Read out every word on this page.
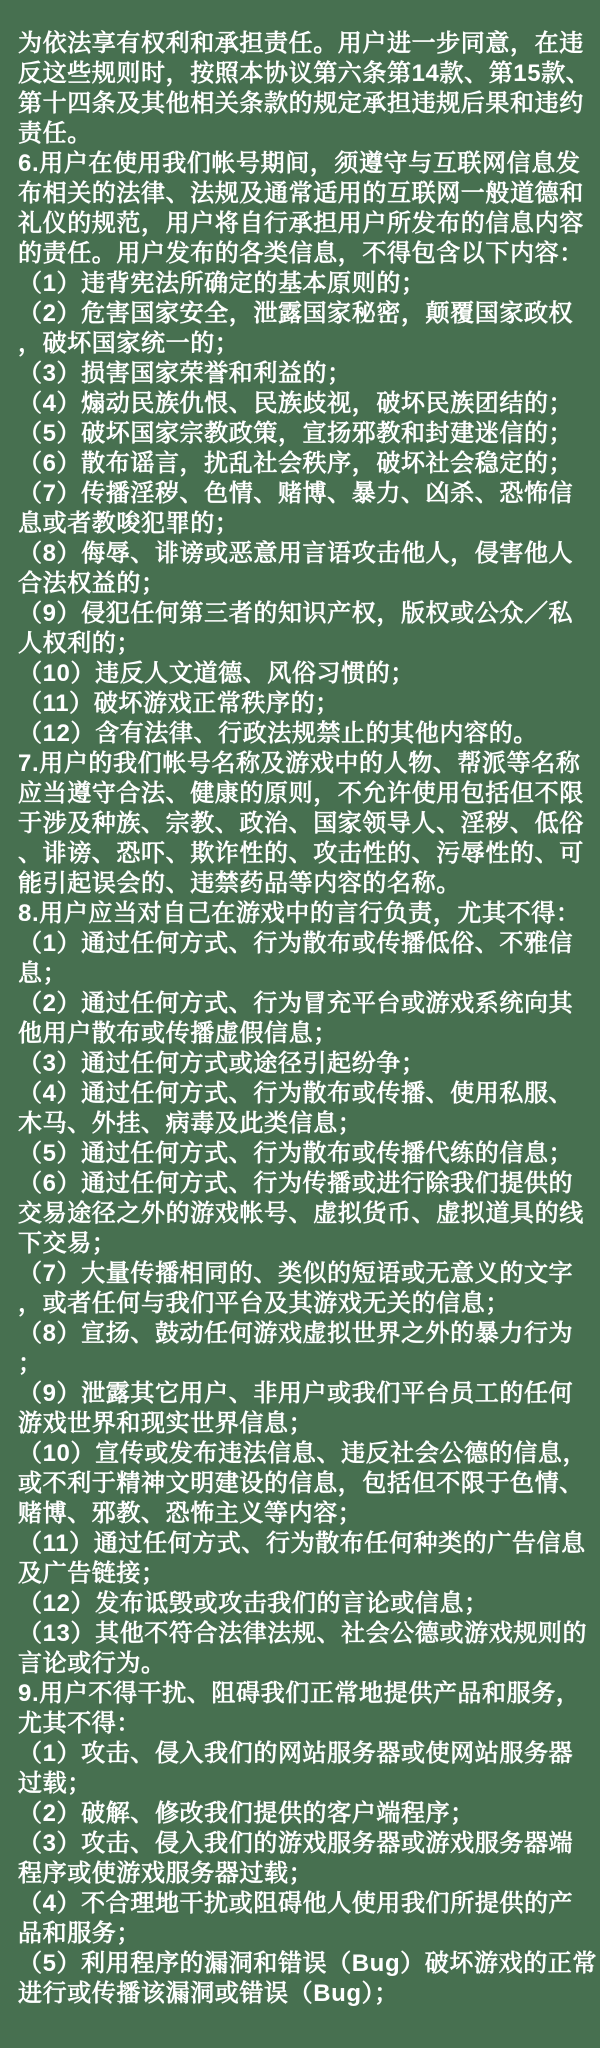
为依法享有权利和承担责任。用户进一步同意，在违
反这些规则时，按照本协议第六条第14款、第15款、
第十四条及其他相关条款的规定承担违规后果和违约
责任。
6.用户在使用我们帐号期间，须遵守与互联网信息发
布相关的法律、法规及通常适用的互联网一般道德和
礼仪的规范，用户将自行承担用户所发布的信息内容
的责任。用户发布的各类信息，不得包含以下内容：
（1）违背宪法所确定的基本原则的；
（2）危害国家安全，泄露国家秘密，颠覆国家政权
，破坏国家统一的；
（3）损害国家荣誉和利益的；
（4）煽动民族仇恨、民族歧视，破坏民族团结的；
（5）破坏国家宗教政策，宣扬邪教和封建迷信的；
（6）散布谣言，扰乱社会秩序，破坏社会稳定的；
（7）传播淫秽、色情、赌博、暴力、凶杀、恐怖信
息或者教唆犯罪的；
（8）侮辱、诽谤或恶意用言语攻击他人，侵害他人
合法权益的；
（9）侵犯任何第三者的知识产权，版权或公众／私
人权利的；
（10）违反人文道德、风俗习惯的；
（11）破坏游戏正常秩序的；
（12）含有法律、行政法规禁止的其他内容的。
7.用户的我们帐号名称及游戏中的人物、帮派等名称
应当遵守合法、健康的原则，不允许使用包括但不限
于涉及种族、宗教、政治、国家领导人、淫秽、低俗
、诽谤、恐吓、欺诈性的、攻击性的、污辱性的、可
能引起误会的、违禁药品等内容的名称。
8.用户应当对自己在游戏中的言行负责，尤其不得：
（1）通过任何方式、行为散布或传播低俗、不雅信
息；
（2）通过任何方式、行为冒充平台或游戏系统向其
他用户散布或传播虚假信息；
（3）通过任何方式或途径引起纷争；
（4）通过任何方式、行为散布或传播、使用私服、
木马、外挂、病毒及此类信息；
（5）通过任何方式、行为散布或传播代练的信息；
（6）通过任何方式、行为传播或进行除我们提供的
交易途径之外的游戏帐号、虚拟货币、虚拟道具的线
下交易；
（7）大量传播相同的、类似的短语或无意义的文字
，或者任何与我们平台及其游戏无关的信息；
（8）宣扬、鼓动任何游戏虚拟世界之外的暴力行为
；
（9）泄露其它用户、非用户或我们平台员工的任何
游戏世界和现实世界信息；
（10）宣传或发布违法信息、违反社会公德的信息，
或不利于精神文明建设的信息，包括但不限于色情、
赌博、邪教、恐怖主义等内容；
（11）通过任何方式、行为散布任何种类的广告信息
及广告链接；
（12）发布诋毁或攻击我们的言论或信息；
（13）其他不符合法律法规、社会公德或游戏规则的
言论或行为。
9.用户不得干扰、阻碍我们正常地提供产品和服务，
尤其不得：
（1）攻击、侵入我们的网站服务器或使网站服务器
过载；
（2）破解、修改我们提供的客户端程序；
（3）攻击、侵入我们的游戏服务器或游戏服务器端
程序或使游戏服务器过载；
（4）不合理地干扰或阻碍他人使用我们所提供的产
品和服务；
（5）利用程序的漏洞和错误（Bug）破坏游戏的正常
进行或传播该漏洞或错误（Bug）；
